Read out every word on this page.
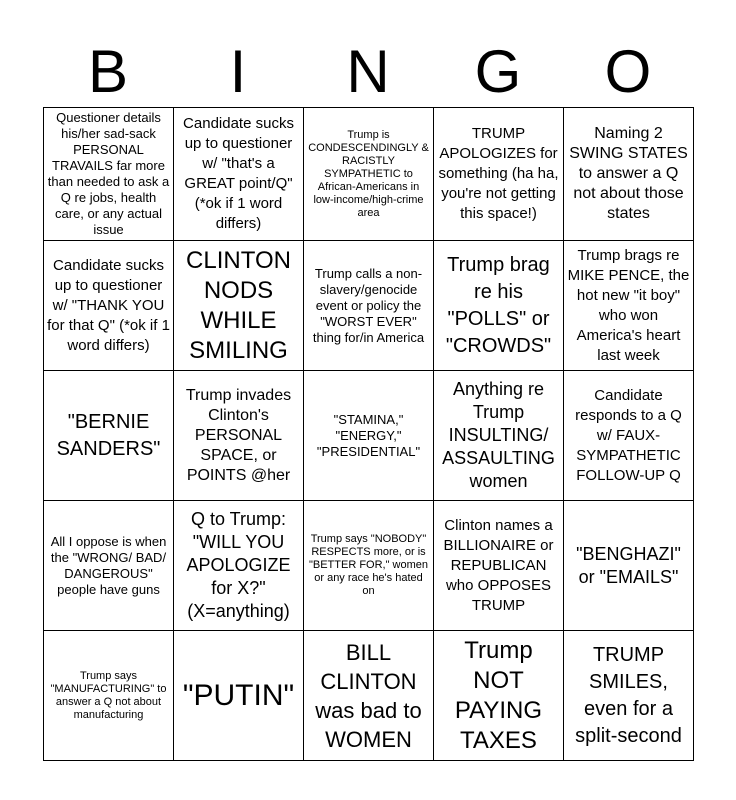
B	I	N	G	O
Questioner details his/her sad-sack PERSONAL TRAVAILS far more than needed to ask a Q re jobs, health care, or any actual issue	Candidate sucks up to questioner w/ "that's a GREAT point/Q" (*ok if 1 word differs)	Trump is CONDESCENDINGLY & RACISTLY SYMPATHETIC to African-Americans in low-income/high-crime area	TRUMP APOLOGIZES for something (ha ha, you're not getting this space!)	Naming 2 SWING STATES to answer a Q not about those states

Candidate sucks up to questioner w/ "THANK YOU for that Q" (*ok if 1 word differs)	CLINTON NODS WHILE SMILING	Trump calls a non-slavery/genocide event or policy the "WORST EVER" thing for/in America	Trump brag re his "POLLS" or "CROWDS"	Trump brags re MIKE PENCE, the hot new "it boy" who won America's heart last week

"BERNIE SANDERS"	Trump invades Clinton's PERSONAL SPACE, or POINTS @her	"STAMINA," "ENERGY," "PRESIDENTIAL"	Anything re Trump INSULTING/ ASSAULTING women	Candidate responds to a Q w/ FAUX-SYMPATHETIC FOLLOW-UP Q

All I oppose is when the "WRONG/ BAD/ DANGEROUS" people have guns	Q to Trump: "WILL YOU APOLOGIZE for X?" (X=anything)	Trump says "NOBODY" RESPECTS more, or is "BETTER FOR," women or any race he's hated on	Clinton names a BILLIONAIRE or REPUBLICAN who OPPOSES TRUMP	"BENGHAZI" or "EMAILS"

Trump says "MANUFACTURING" to answer a Q not about manufacturing	"PUTIN"	BILL CLINTON was bad to WOMEN	Trump NOT PAYING TAXES	TRUMP SMILES, even for a split-second
